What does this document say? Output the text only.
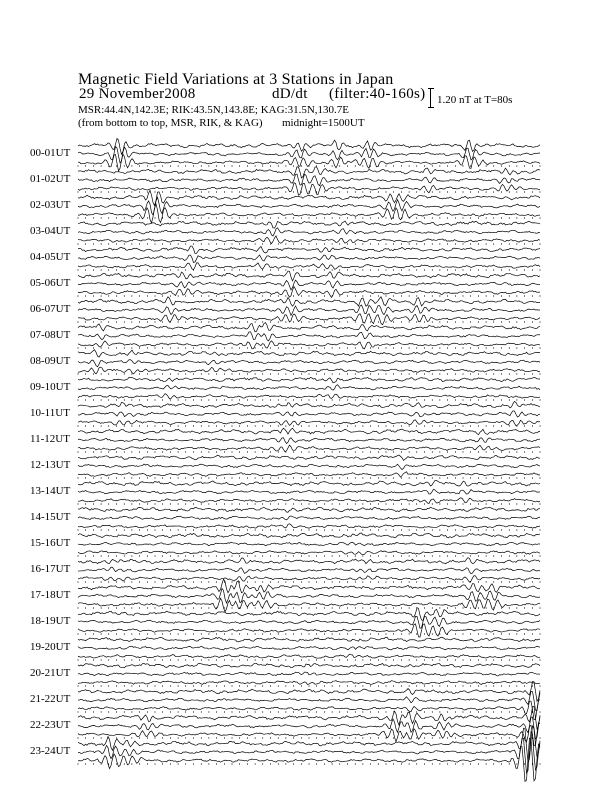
Magnetic Field Variations at 3 Stations in Japan
29 November2008	dD/dt (filter:40-160s)
MSR:44.4N,142.3E; RIK:43.5N,143.8E; KAG:31.5N,130.7E
(from bottom to top, MSR, RIK, & KAG) midnight=1500UT
1.20 nT at T=80s
00-01UT
01-02UT
02-03UT
03-04UT
04-05UT
05-06UT
06-07UT
07-08UT
08-09UT
09-10UT
10-11UT
11-12UT
12-13UT
13-14UT
14-15UT
15-16UT
16-17UT
17-18UT
18-19UT
19-20UT
20-21UT
21-22UT
22-23UT
23-24UT
